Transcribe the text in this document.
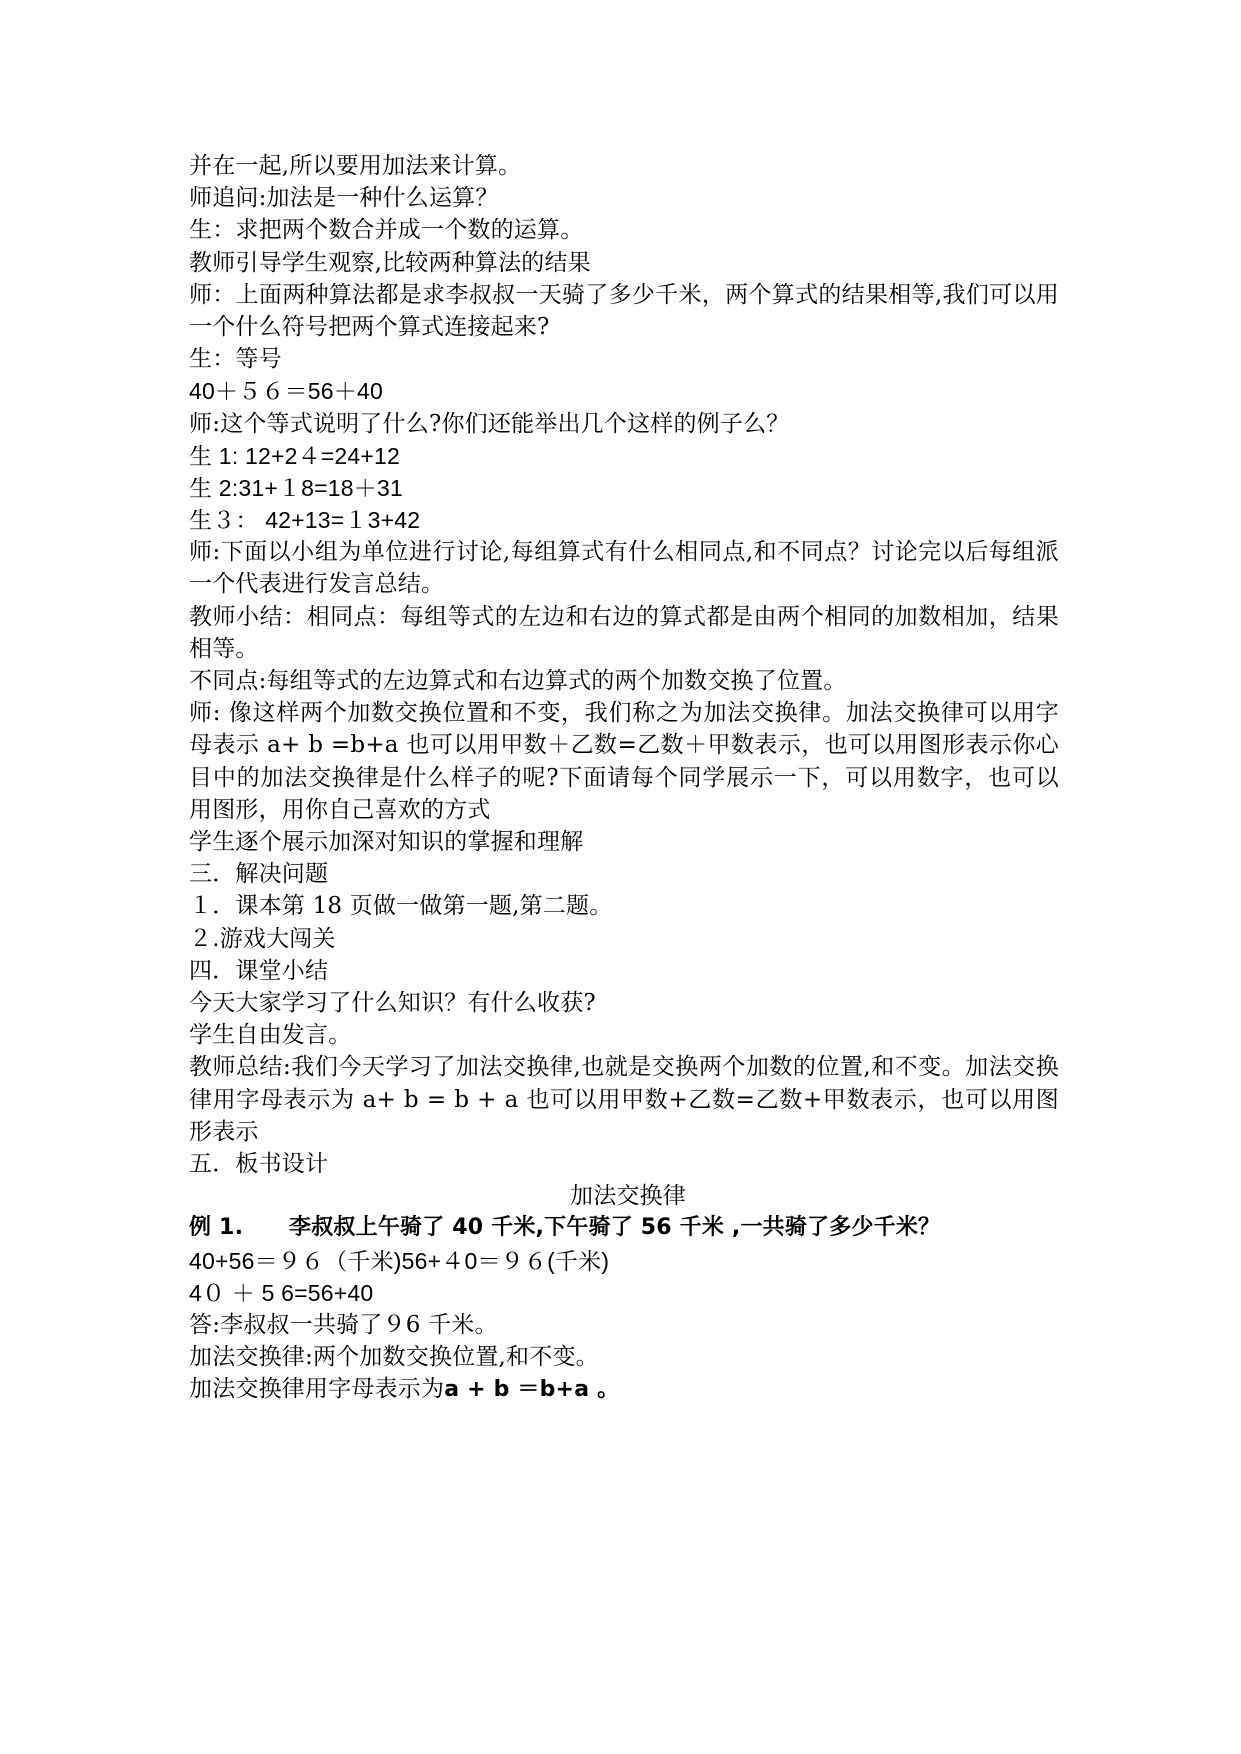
并在一起,所以要用加法来计算。
师追问:加法是一种什么运算？
生：求把两个数合并成一个数的运算。
教师引导学生观察,比较两种算法的结果
师：上面两种算法都是求李叔叔一天骑了多少千米，两个算式的结果相等,我们可以用一个什么符号把两个算式连接起来?
生：等号
40＋５６＝56＋40
师:这个等式说明了什么?你们还能举出几个这样的例子么？
生 1: 12+2４=24+12
生 2:31+１8=18＋31
生３： 42+13=１3+42
师:下面以小组为单位进行讨论,每组算式有什么相同点,和不同点？讨论完以后每组派一个代表进行发言总结。
教师小结：相同点：每组等式的左边和右边的算式都是由两个相同的加数相加，结果相等。
不同点:每组等式的左边算式和右边算式的两个加数交换了位置。
师: 像这样两个加数交换位置和不变，我们称之为加法交换律。加法交换律可以用字母表示 a+ b =b+a 也可以用甲数＋乙数=乙数＋甲数表示，也可以用图形表示你心目中的加法交换律是什么样子的呢?下面请每个同学展示一下，可以用数字，也可以用图形，用你自己喜欢的方式
学生逐个展示加深对知识的掌握和理解
三．解决问题
１．课本第 18 页做一做第一题,第二题。
２.游戏大闯关
四．课堂小结
今天大家学习了什么知识？有什么收获?
学生自由发言。
教师总结:我们今天学习了加法交换律,也就是交换两个加数的位置,和不变。加法交换律用字母表示为 a+ b = b + a 也可以用甲数+乙数=乙数+甲数表示，也可以用图形表示
五．板书设计
加法交换律
例 1. 李叔叔上午骑了 40 千米,下午骑了 56 千米 ,一共骑了多少千米？
40+56＝９６（千米)56+４0＝９６(千米)
4０ ＋ 5 6=56+40
答:李叔叔一共骑了９6 千米。
加法交换律:两个加数交换位置,和不变。
加法交换律用字母表示为a + b ＝b+a 。
